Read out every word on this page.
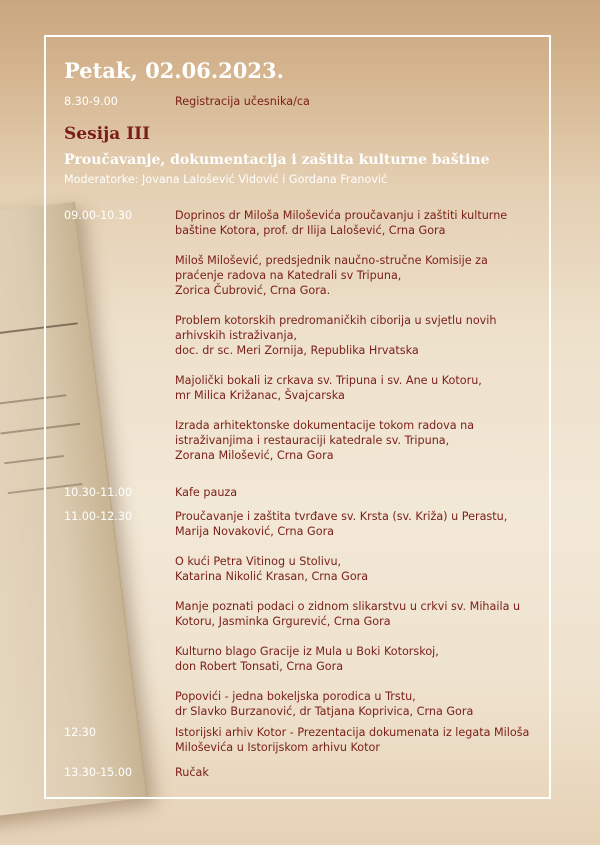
Petak, 02.06.2023.
8.30-9.00	Registracija učesnika/ca
Sesija III
Proučavanje, dokumentacija i zaštita kulturne baštine
Moderatorke: Jovana Lalošević Vidović i Gordana Franović
09.00-10.30	Doprinos dr Miloša Miloševića proučavanju i zaštiti kulturne
baštine Kotora, prof. dr Ilija Lalošević, Crna Gora
Miloš Milošević, predsjednik naučno-stručne Komisije za
praćenje radova na Katedrali sv Tripuna,
Zorica Čubrović, Crna Gora.
Problem kotorskih predromaničkih ciborija u svjetlu novih
arhivskih istraživanja,
doc. dr sc. Meri Zornija, Republika Hrvatska
Majolički bokali iz crkava sv. Tripuna i sv. Ane u Kotoru,
mr Milica Križanac, Švajcarska
Izrada arhitektonske dokumentacije tokom radova na
istraživanjima i restauraciji katedrale sv. Tripuna,
Zorana Milošević, Crna Gora
10.30-11.00	Kafe pauza
11.00-12.30	Proučavanje i zaštita tvrđave sv. Krsta (sv. Križa) u Perastu,
Marija Novaković, Crna Gora
O kući Petra Vitinog u Stolivu,
Katarina Nikolić Krasan, Crna Gora
Manje poznati podaci o zidnom slikarstvu u crkvi sv. Mihaila u
Kotoru, Jasminka Grgurević, Crna Gora
Kulturno blago Gracije iz Mula u Boki Kotorskoj,
don Robert Tonsati, Crna Gora
Popovići - jedna bokeljska porodica u Trstu,
dr Slavko Burzanović, dr Tatjana Koprivica, Crna Gora
12.30	Istorijski arhiv Kotor - Prezentacija dokumenata iz legata Miloša
Miloševića u Istorijskom arhivu Kotor
13.30-15.00	Ručak
